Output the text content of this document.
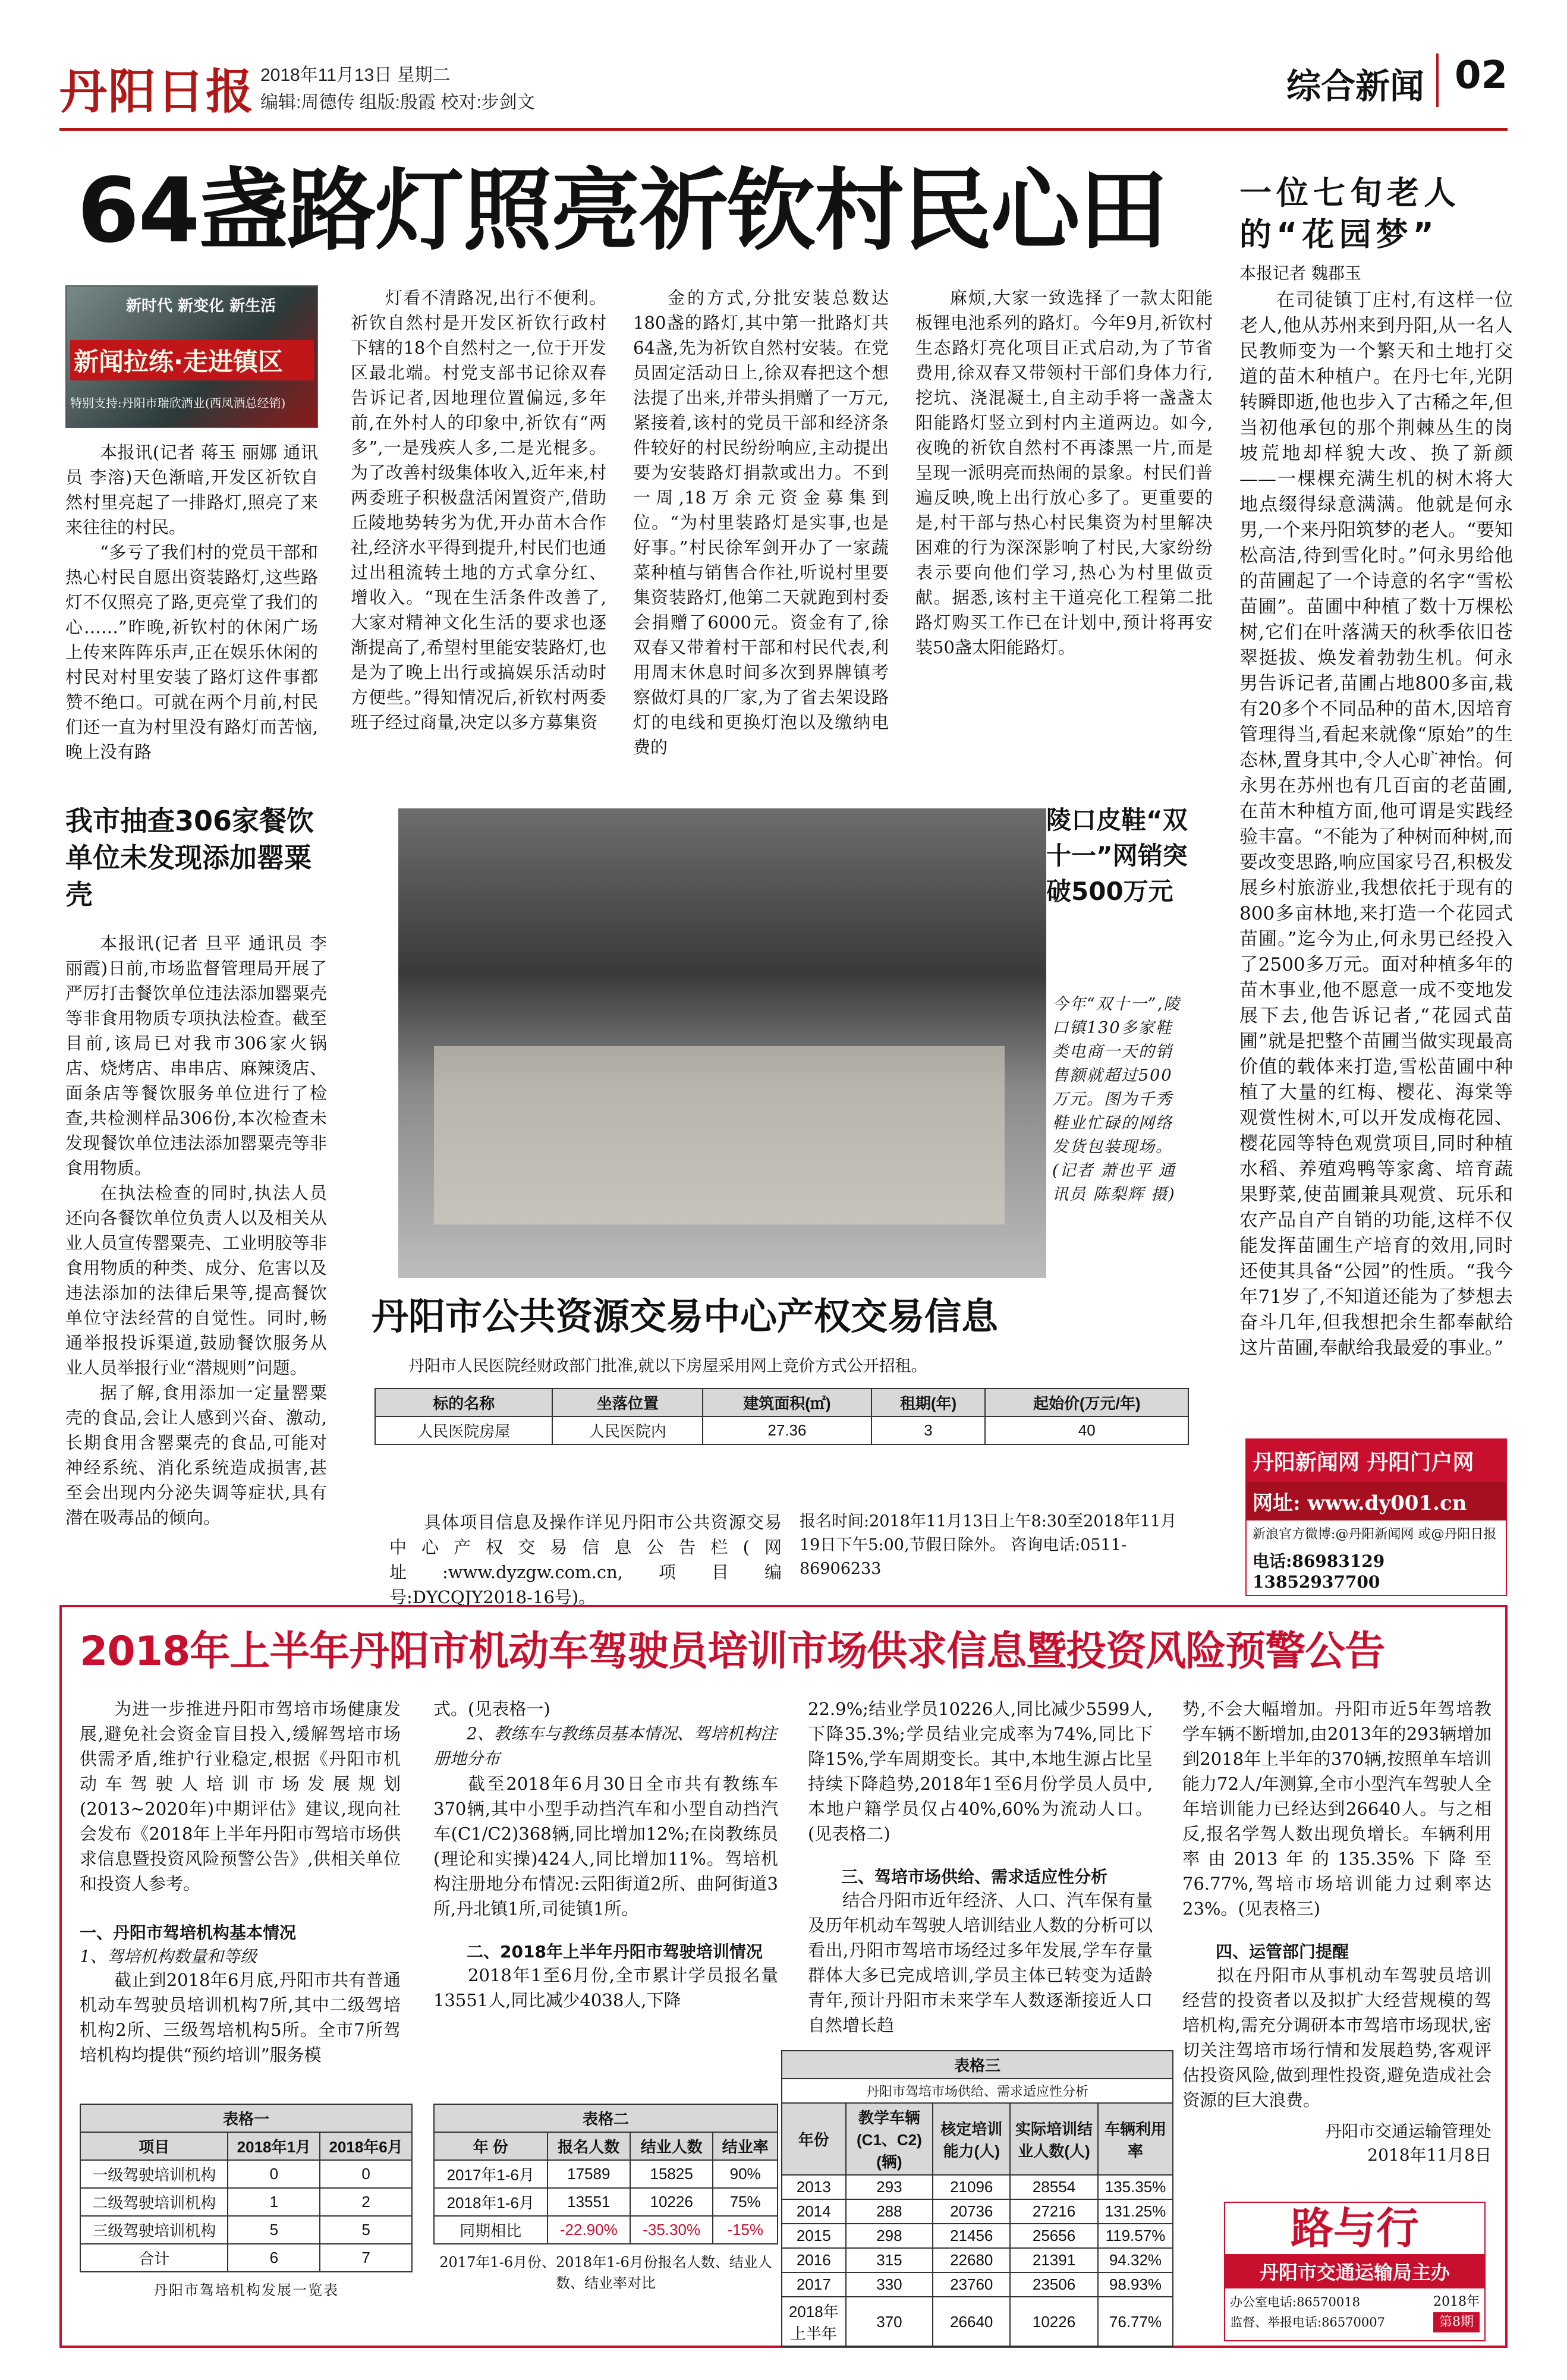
丹阳日报 2018年11月13日 星期二
编辑:周德传 组版:殷霞 校对:步剑文	综合新闻 02
64盏路灯照亮祈钦村民心田
新时代 新变化 新生活
新闻拉练·走进镇区
特别支持:丹阳市瑞欣酒业(西凤酒总经销)
本报讯(记者 蒋玉 丽娜 通讯员 李溶)天色渐暗,开发区祈钦自然村里亮起了一排路灯,照亮了来来往往的村民。
“多亏了我们村的党员干部和热心村民自愿出资装路灯,这些路灯不仅照亮了路,更亮堂了我们的心……”昨晚,祈钦村的休闲广场上传来阵阵乐声,正在娱乐休闲的村民对村里安装了路灯这件事都赞不绝口。可就在两个月前,村民们还一直为村里没有路灯而苦恼,晚上没有路
灯看不清路况,出行不便利。祈钦自然村是开发区祈钦行政村下辖的18个自然村之一,位于开发区最北端。村党支部书记徐双春告诉记者,因地理位置偏远,多年前,在外村人的印象中,祈钦有“两多”,一是残疾人多,二是光棍多。为了改善村级集体收入,近年来,村两委班子积极盘活闲置资产,借助丘陵地势转劣为优,开办苗木合作社,经济水平得到提升,村民们也通过出租流转土地的方式拿分红、增收入。“现在生活条件改善了,大家对精神文化生活的要求也逐渐提高了,希望村里能安装路灯,也是为了晚上出行或搞娱乐活动时方便些。”得知情况后,祈钦村两委班子经过商量,决定以多方募集资
金的方式,分批安装总数达180盏的路灯,其中第一批路灯共64盏,先为祈钦自然村安装。在党员固定活动日上,徐双春把这个想法提了出来,并带头捐赠了一万元,紧接着,该村的党员干部和经济条件较好的村民纷纷响应,主动提出要为安装路灯捐款或出力。不到一周,18万余元资金募集到位。“为村里装路灯是实事,也是好事。”村民徐军剑开办了一家蔬菜种植与销售合作社,听说村里要集资装路灯,他第二天就跑到村委会捐赠了6000元。资金有了,徐双春又带着村干部和村民代表,利用周末休息时间多次到界牌镇考察做灯具的厂家,为了省去架设路灯的电线和更换灯泡以及缴纳电费的
麻烦,大家一致选择了一款太阳能板锂电池系列的路灯。今年9月,祈钦村生态路灯亮化项目正式启动,为了节省费用,徐双春又带领村干部们身体力行,挖坑、浇混凝土,自主动手将一盏盏太阳能路灯竖立到村内主道两边。如今,夜晚的祈钦自然村不再漆黑一片,而是呈现一派明亮而热闹的景象。村民们普遍反映,晚上出行放心多了。更重要的是,村干部与热心村民集资为村里解决困难的行为深深影响了村民,大家纷纷表示要向他们学习,热心为村里做贡献。据悉,该村主干道亮化工程第二批路灯购买工作已在计划中,预计将再安装50盏太阳能路灯。
一位七旬老人的“花园梦”
本报记者 魏郡玉
在司徒镇丁庄村,有这样一位老人,他从苏州来到丹阳,从一名人民教师变为一个繁天和土地打交道的苗木种植户。在丹七年,光阴转瞬即逝,他也步入了古稀之年,但当初他承包的那个荆棘丛生的岗坡荒地却样貌大改、换了新颜——一棵棵充满生机的树木将大地点缀得绿意满满。他就是何永男,一个来丹阳筑梦的老人。“要知松高洁,待到雪化时。”何永男给他的苗圃起了一个诗意的名字“雪松苗圃”。苗圃中种植了数十万棵松树,它们在叶落满天的秋季依旧苍翠挺拔、焕发着勃勃生机。何永男告诉记者,苗圃占地800多亩,栽有20多个不同品种的苗木,因培育管理得当,看起来就像“原始”的生态林,置身其中,令人心旷神怡。何永男在苏州也有几百亩的老苗圃,在苗木种植方面,他可谓是实践经验丰富。“不能为了种树而种树,而要改变思路,响应国家号召,积极发展乡村旅游业,我想依托于现有的800多亩林地,来打造一个花园式苗圃。”迄今为止,何永男已经投入了2500多万元。面对种植多年的苗木事业,他不愿意一成不变地发展下去,他告诉记者,“花园式苗圃”就是把整个苗圃当做实现最高价值的载体来打造,雪松苗圃中种植了大量的红梅、樱花、海棠等观赏性树木,可以开发成梅花园、樱花园等特色观赏项目,同时种植水稻、养殖鸡鸭等家禽、培育蔬果野菜,使苗圃兼具观赏、玩乐和农产品自产自销的功能,这样不仅能发挥苗圃生产培育的效用,同时还使其具备“公园”的性质。“我今年71岁了,不知道还能为了梦想去奋斗几年,但我想把余生都奉献给这片苗圃,奉献给我最爱的事业。”
我市抽查306家餐饮单位未发现添加罂粟壳

本报讯(记者 旦平 通讯员 李丽霞)日前,市场监督管理局开展了严厉打击餐饮单位违法添加罂粟壳等非食用物质专项执法检查。截至目前,该局已对我市306家火锅店、烧烤店、串串店、麻辣烫店、面条店等餐饮服务单位进行了检查,共检测样品306份,本次检查未发现餐饮单位违法添加罂粟壳等非食用物质。

在执法检查的同时,执法人员还向各餐饮单位负责人以及相关从业人员宣传罂粟壳、工业明胶等非食用物质的种类、成分、危害以及违法添加的法律后果等,提高餐饮单位守法经营的自觉性。同时,畅通举报投诉渠道,鼓励餐饮服务从业人员举报行业“潜规则”问题。

据了解,食用添加一定量罂粟壳的食品,会让人感到兴奋、激动,长期食用含罂粟壳的食品,可能对神经系统、消化系统造成损害,甚至会出现内分泌失调等症状,具有潜在吸毒品的倾向。

陵口皮鞋“双十一”网销突破500万元
今年“双十一”,陵口镇130多家鞋类电商一天的销售额就超过500万元。图为千秀鞋业忙碌的网络发货包装现场。(记者 萧也平 通讯员 陈梨辉 摄)
丹阳市公共资源交易中心产权交易信息
丹阳市人民医院经财政部门批准,就以下房屋采用网上竞价方式公开招租。
标的名称	坐落位置	建筑面积(㎡)	租期(年)	起始价(万元/年)
人民医院房屋	人民医院内	27.36	3	40
具体项目信息及操作详见丹阳市公共资源交易中心产权交易信息公告栏(网址:www.dyzgw.com.cn,项目编号:DYCQJY2018-16号)。
报名时间:2018年11月13日上午8:30至2018年11月19日下午5:00,节假日除外。 咨询电话:0511-86906233
丹阳新闻网 丹阳门户网
网址: www.dy001.cn
新浪官方微博:@丹阳新闻网 或@丹阳日报
电话:86983129 13852937700
2018年上半年丹阳市机动车驾驶员培训市场供求信息暨投资风险预警公告
为进一步推进丹阳市驾培市场健康发展,避免社会资金盲目投入,缓解驾培市场供需矛盾,维护行业稳定,根据《丹阳市机动车驾驶人培训市场发展规划(2013~2020年)中期评估》建议,现向社会发布《2018年上半年丹阳市驾培市场供求信息暨投资风险预警公告》,供相关单位和投资人参考。
一、丹阳市驾培机构基本情况
1、驾培机构数量和等级
截止到2018年6月底,丹阳市共有普通机动车驾驶员培训机构7所,其中二级驾培机构2所、三级驾培机构5所。全市7所驾培机构均提供“预约培训”服务模
式。(见表格一)
2、教练车与教练员基本情况、驾培机构注册地分布
截至2018年6月30日全市共有教练车370辆,其中小型手动挡汽车和小型自动挡汽车(C1/C2)368辆,同比增加12%;在岗教练员(理论和实操)424人,同比增加11%。驾培机构注册地分布情况:云阳街道2所、曲阿街道3所,丹北镇1所,司徒镇1所。
二、2018年上半年丹阳市驾驶培训情况
2018年1至6月份,全市累计学员报名量13551人,同比减少4038人,下降
22.9%;结业学员10226人,同比减少5599人,下降35.3%;学员结业完成率为74%,同比下降15%,学车周期变长。其中,本地生源占比呈持续下降趋势,2018年1至6月份学员人员中,本地户籍学员仅占40%,60%为流动人口。(见表格二)
三、驾培市场供给、需求适应性分析
结合丹阳市近年经济、人口、汽车保有量及历年机动车驾驶人培训结业人数的分析可以看出,丹阳市驾培市场经过多年发展,学车存量群体大多已完成培训,学员主体已转变为适龄青年,预计丹阳市未来学车人数逐渐接近人口自然增长趋
势,不会大幅增加。丹阳市近5年驾培教学车辆不断增加,由2013年的293辆增加到2018年上半年的370辆,按照单车培训能力72人/年测算,全市小型汽车驾驶人全年培训能力已经达到26640人。与之相反,报名学驾人数出现负增长。车辆利用率由2013年的135.35%下降至76.77%,驾培市场培训能力过剩率达23%。(见表格三)
四、运管部门提醒
拟在丹阳市从事机动车驾驶员培训经营的投资者以及拟扩大经营规模的驾培机构,需充分调研本市驾培市场现状,密切关注驾培市场行情和发展趋势,客观评估投资风险,做到理性投资,避免造成社会资源的巨大浪费。
丹阳市交通运输管理处
2018年11月8日
表格一		
项目	2018年1月	2018年6月
一级驾驶培训机构	0	0
二级驾驶培训机构	1	2
三级驾驶培训机构	5	5
合计	6	7
丹阳市驾培机构发展一览表
表格二			
年 份	报名人数	结业人数	结业率
2017年1-6月	17589	15825	90%
2018年1-6月	13551	10226	75%
同期相比	-22.90%	-35.30%	-15%
2017年1-6月份、2018年1-6月份报名人数、结业人数、结业率对比
表格三				
丹阳市驾培市场供给、需求适应性分析				
年份	教学车辆(C1、C2)(辆)	核定培训能力(人)	实际培训结业人数(人)	车辆利用率
2013	293	21096	28554	135.35%
2014	288	20736	27216	131.25%
2015	298	21456	25656	119.57%
2016	315	22680	21391	94.32%
2017	330	23760	23506	98.93%
2018年上半年	370	26640	10226	76.77%
路与行
丹阳市交通运输局主办
办公室电话:86570018
监督、举报电话:86570007
2018年
第8期
